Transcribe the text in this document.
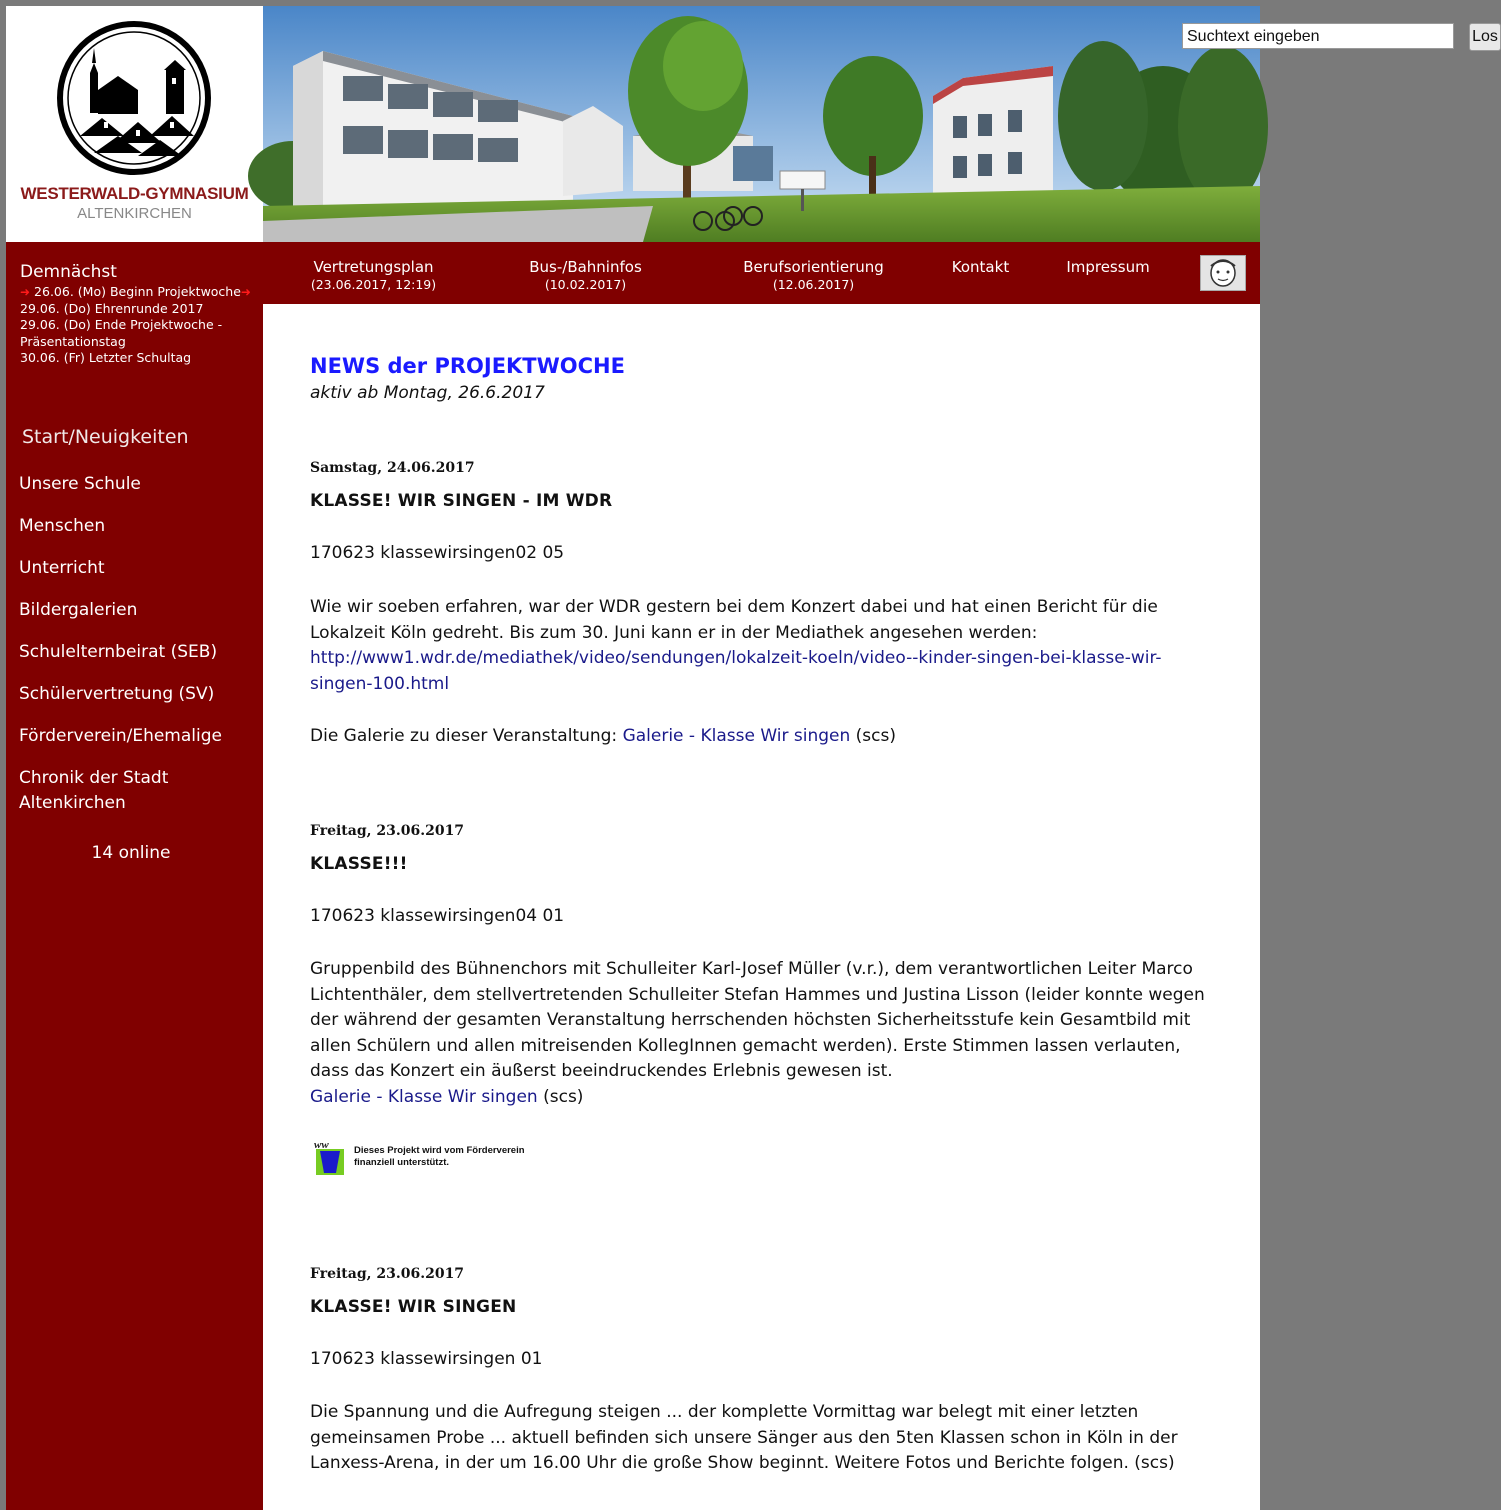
WESTERWALD-GYMNASIUM
ALTENKIRCHEN
Suchtext eingeben	Los
Vertretungsplan
(23.06.2017, 12:19)
Bus-/Bahninfos
(10.02.2017)
Berufsorientierung
(12.06.2017)
Kontakt	Impressum
Demnächst
➜ 26.06. (Mo) Beginn Projektwoche➜
29.06. (Do) Ehrenrunde 2017
29.06. (Do) Ende Projektwoche - Präsentationstag
30.06. (Fr) Letzter Schultag
Start/Neuigkeiten
Unsere Schule
Menschen
Unterricht
Bildergalerien
Schulelternbeirat (SEB)
Schülervertretung (SV)
Förderverein/Ehemalige
Chronik der Stadt Altenkirchen
14 online
NEWS der PROJEKTWOCHE
aktiv ab Montag, 26.6.2017
Samstag, 24.06.2017
KLASSE! WIR SINGEN - IM WDR
170623 klassewirsingen02 05
Wie wir soeben erfahren, war der WDR gestern bei dem Konzert dabei und hat einen Bericht für die Lokalzeit Köln gedreht. Bis zum 30. Juni kann er in der Mediathek angesehen werden:
http://www1.wdr.de/mediathek/video/sendungen/lokalzeit-koeln/video--kinder-singen-bei-klasse-wir-singen-100.html
Die Galerie zu dieser Veranstaltung: Galerie - Klasse Wir singen (scs)
Freitag, 23.06.2017
KLASSE!!!
170623 klassewirsingen04 01
Gruppenbild des Bühnenchors mit Schulleiter Karl-Josef Müller (v.r.), dem verantwortlichen Leiter Marco Lichtenthäler, dem stellvertretenden Schulleiter Stefan Hammes und Justina Lisson (leider konnte wegen der während der gesamten Veranstaltung herrschenden höchsten Sicherheitsstufe kein Gesamtbild mit allen Schülern und allen mitreisenden KollegInnen gemacht werden). Erste Stimmen lassen verlauten, dass das Konzert ein äußerst beeindruckendes Erlebnis gewesen ist.
Galerie - Klasse Wir singen (scs)
ww	Dieses Projekt wird vom Förderverein
finanziell unterstützt.
Freitag, 23.06.2017
KLASSE! WIR SINGEN
170623 klassewirsingen 01
Die Spannung und die Aufregung steigen ... der komplette Vormittag war belegt mit einer letzten gemeinsamen Probe ... aktuell befinden sich unsere Sänger aus den 5ten Klassen schon in Köln in der Lanxess-Arena, in der um 16.00 Uhr die große Show beginnt. Weitere Fotos und Berichte folgen. (scs)
